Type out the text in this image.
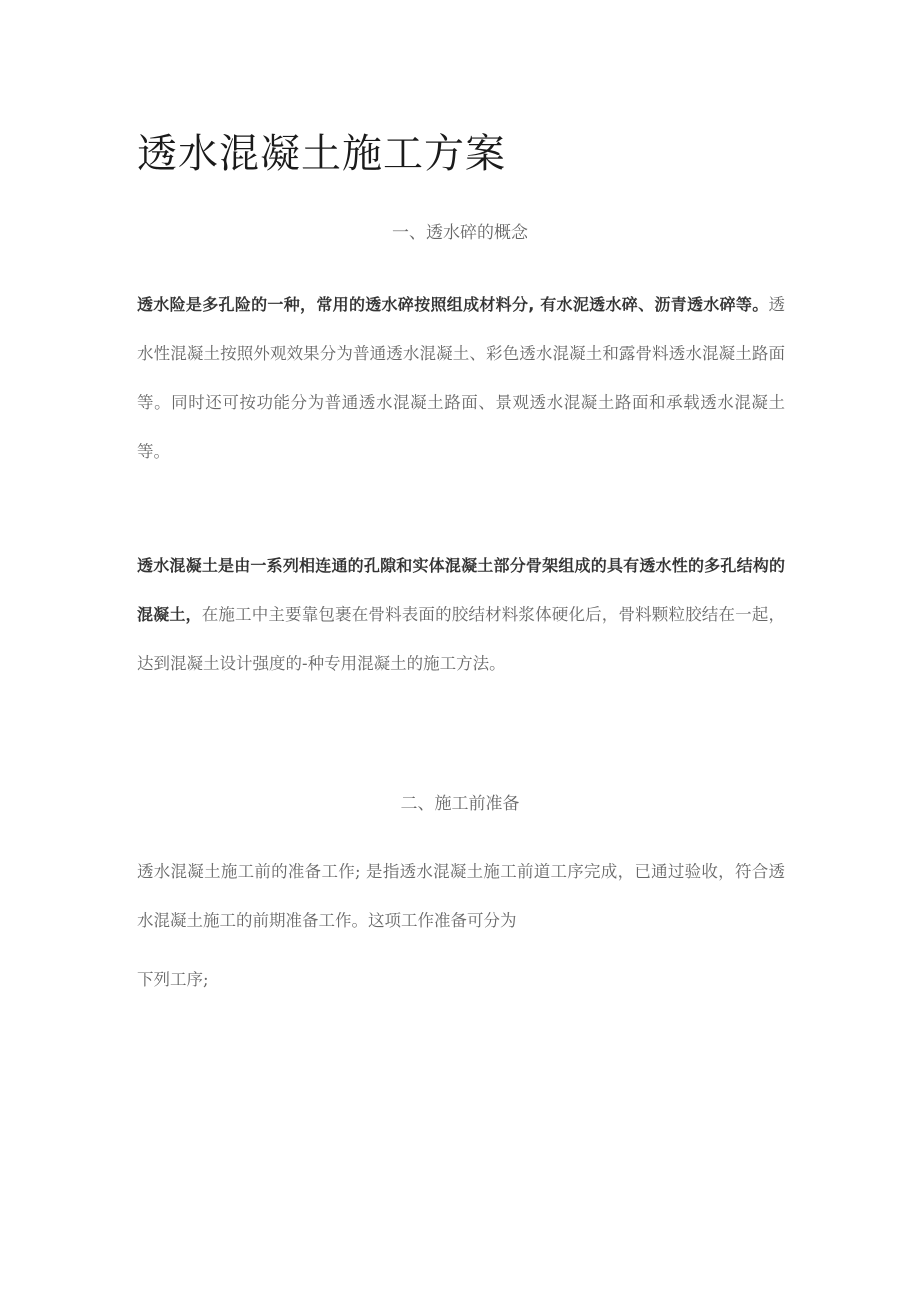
透水混凝土施工方案
一、透水碎的概念

透水险是多孔险的一种，常用的透水碎按照组成材料分, 有水泥透水碎、沥青透水碎等。透水性混凝土按照外观效果分为普通透水混凝土、彩色透水混凝土和露骨料透水混凝土路面等。同时还可按功能分为普通透水混凝土路面、景观透水混凝土路面和承载透水混凝土等。

透水混凝土是由一系列相连通的孔隙和实体混凝土部分骨架组成的具有透水性的多孔结构的混凝土，在施工中主要靠包裹在骨料表面的胶结材料浆体硬化后，骨料颗粒胶结在一起，达到混凝土设计强度的-种专用混凝土的施工方法。

二、施工前准备

透水混凝土施工前的准备工作; 是指透水混凝土施工前道工序完成，已通过验收，符合透水混凝土施工的前期准备工作。这项工作准备可分为

下列工序;
